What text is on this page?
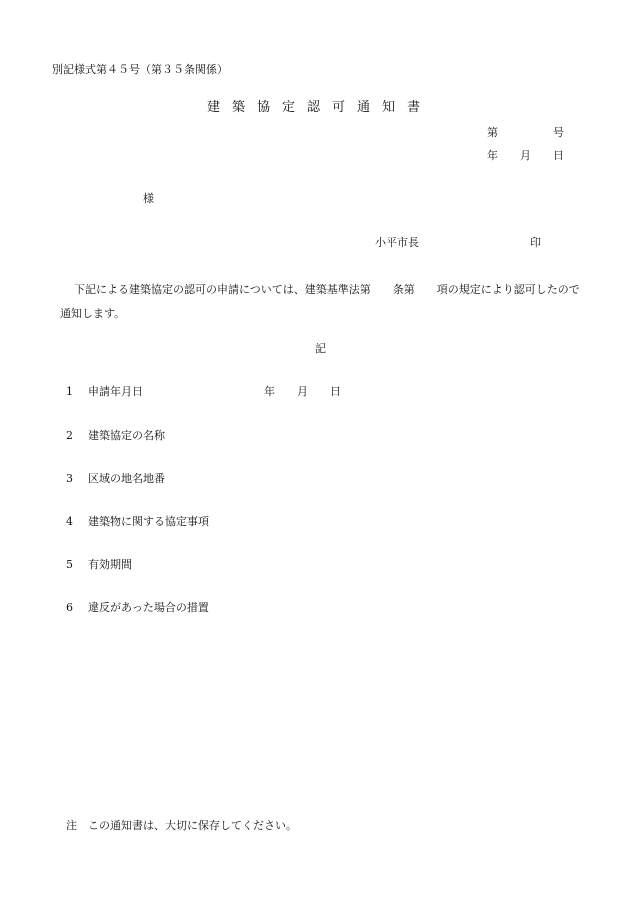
別記様式第４５号（第３５条関係）
建築協定認可通知書
第	号
年 月 日
様
小平市長	印
下記による建築協定の認可の申請については、建築基準法第 条第 項の規定により認可したので通知します。
記
1 申請年月日	年 月 日
2 建築協定の名称
3 区域の地名地番
4 建築物に関する協定事項
5 有効期間
6 違反があった場合の措置
注　この通知書は、大切に保存してください。
